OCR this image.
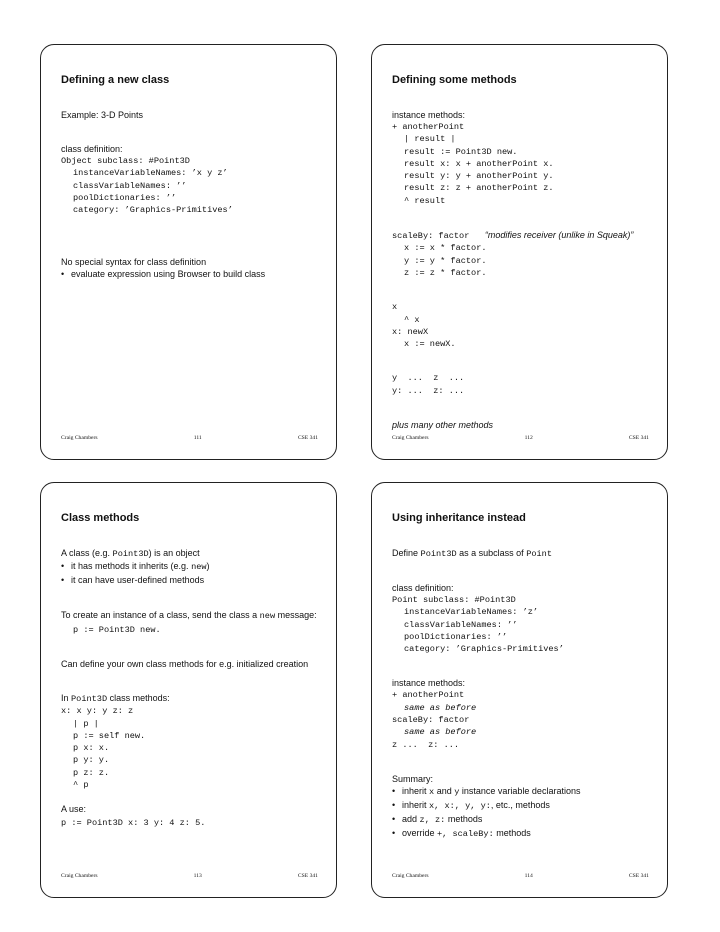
Defining a new class

Example: 3-D Points

class definition:

Object subclass: #Point3D
instanceVariableNames: ’x y z’
classVariableNames: ’’
poolDictionaries: ’’
category: ’Graphics-Primitives’

No special syntax for class definition

• evaluate expression using Browser to build class
Craig Chambers	111	CSE 341
Defining some methods

instance methods:

+ anotherPoint
| result |
result := Point3D new.
result x: x + anotherPoint x.
result y: y + anotherPoint y.
result z: z + anotherPoint z.
^ result
scaleBy: factor “modifies receiver (unlike in Squeak)”
x := x * factor.
y := y * factor.
z := z * factor.
x
^ x
x: newX
x := newX.
y  ...  z  ...
y: ...  z: ...

plus many other methods

Craig Chambers	112	CSE 341
Class methods

A class (e.g. Point3D) is an object

• it has methods it inherits (e.g. new)
• it can have user-defined methods

To create an instance of a class, send the class a new message:

p := Point3D new.

Can define your own class methods for e.g. initialized creation

In Point3D class methods:

x: x y: y z: z
| p |
p := self new.
p x: x.
p y: y.
p z: z.
^ p

A use:

p := Point3D x: 3 y: 4 z: 5.
Craig Chambers	113	CSE 341
Using inheritance instead

Define Point3D as a subclass of Point

class definition:

Point subclass: #Point3D
instanceVariableNames: ’z’
classVariableNames: ’’
poolDictionaries: ’’
category: ’Graphics-Primitives’

instance methods:

+ anotherPoint
same as before
scaleBy: factor
same as before
z ...  z: ...

Summary:

• inherit x and y instance variable declarations
• inherit x, x:, y, y:, etc., methods
• add z, z: methods
• override +, scaleBy: methods
Craig Chambers	114	CSE 341
